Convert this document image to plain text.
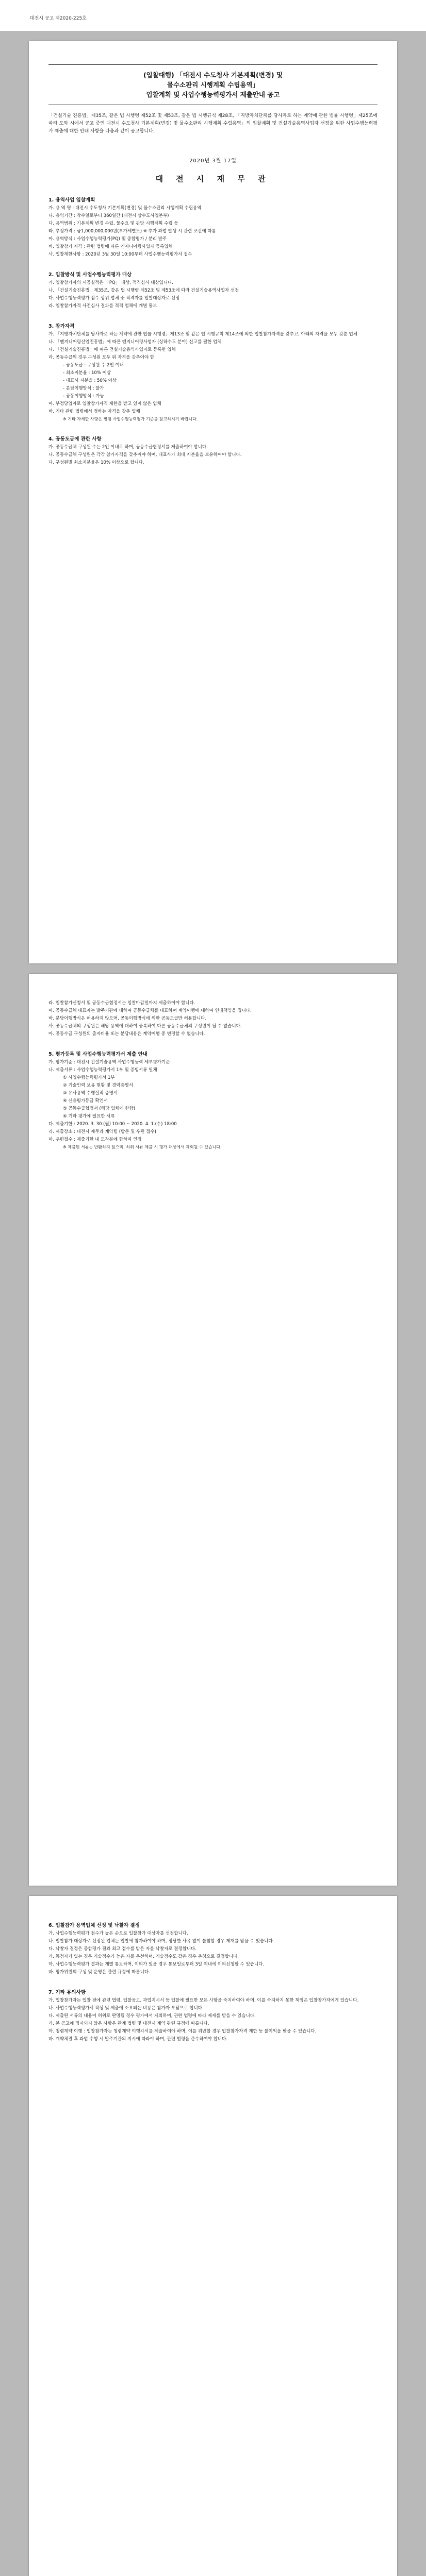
대전시 공고 제2020-225호
(입찰대행) 「대전시 수도청사 기본계획(변경) 및
물수소판리 시행계획 수립용역」
입찰계획 및 사업수행능력평가서 제출안내 공고
「건설기술 진흥법」제35조, 같은 법 시행령 제52조 및 제53조, 같은 법 시행규칙 제28조, 「지방자치단체를 당사자로 하는 계약에 관한 법률 시행령」제25조에 따라 도와 시에서 공고 중인 대전시 수도청사 기본계획(변경) 및 물수소판리 시행계획 수립용역」의 입찰계획 및 건설기술용역사업자 선정을 위한 사업수행능력평가 제출에 대한 안내 사항을 다음과 같이 공고합니다.
2020년 3월 17일
대 전 시 재 무 관
1. 용역사업 입찰계획
가. 용 역 명 : 대전시 수도청사 기본계획(변경) 및 물수소판리 시행계획 수립용역
나. 용역기간 : 착수일로부터 360일간 (대전시 상수도사업본부)
다. 용역범위 : 기본계획 변경 수립, 물수요 및 관망 시행계획 수립 등
라. 추정가격 : 금1,000,000,000원(부가세별도) ※ 추가 과업 발생 시 관련 조건에 따름
마. 용역방식 : 사업수행능력평가(PQ) 및 종합평가 / 분리 발주
바. 입찰참가 자격 : 관련 법령에 따른 엔지니어링사업자 등록업체
사. 입찰제한사항 : 2020년 3월 30일 10:00부터 사업수행능력평가서 접수
2. 입찰방식 및 사업수행능력평가 대상
가. 입찰참가자의 시공실적은 「PQ」 대상, 적격심사 대상입니다.
나. 「건설기술진흥법」제35조, 같은 법 시행령 제52조 및 제53조에 따라 건설기술용역사업자 선정
다. 사업수행능력평가 점수 상위 업체 중 적격자를 입찰대상자로 선정
라. 입찰참가자격 사전심사 결과를 적격 업체에 개별 통보
3. 참가자격
가. 「지방자치단체를 당사자로 하는 계약에 관한 법률 시행령」제13조 및 같은 법 시행규칙 제14조에 의한 입찰참가자격을 갖추고, 아래의 자격을 모두 갖춘 업체
나. 「엔지니어링산업진흥법」에 따른 엔지니어링사업자 (상하수도 분야) 신고를 필한 업체
다. 「건설기술진흥법」에 따른 건설기술용역사업자로 등록한 업체
라. 공동수급의 경우 구성원 모두 위 자격을 갖추어야 함
- 공동도급 : 구성원 수 2인 이내
- 최소지분율 : 10% 이상
- 대표사 지분율 : 50% 이상
- 분담이행방식 : 불가
- 공동이행방식 : 가능
마. 부정당업자로 입찰참가자격 제한을 받고 있지 않은 업체
바. 기타 관련 법령에서 정하는 자격을 갖춘 업체
※ 기타 자세한 사항은 별첨 사업수행능력평가 기준을 참고하시기 바랍니다.
4. 공동도급에 관한 사항
가. 공동수급체 구성원 수는 2인 이내로 하며, 공동수급협정서를 제출하여야 합니다.
나. 공동수급체 구성원은 각각 참가자격을 갖추어야 하며, 대표사가 최대 지분율을 보유하여야 합니다.
다. 구성원별 최소지분율은 10% 이상으로 합니다.
라. 입찰참가신청서 및 공동수급협정서는 입찰마감일까지 제출하여야 합니다.
마. 공동수급체 대표자는 발주기관에 대하여 공동수급체를 대표하며 계약이행에 대하여 연대책임을 집니다.
바. 분담이행방식은 허용하지 않으며, 공동이행방식에 의한 공동도급만 허용합니다.
사. 공동수급체의 구성원은 해당 용역에 대하여 중복하여 다른 공동수급체의 구성원이 될 수 없습니다.
아. 공동수급 구성원의 출자비율 또는 분담내용은 계약이행 중 변경할 수 없습니다.
5. 평가등록 및 사업수행능력평가서 제출 안내
가. 평가기준 : 대전시 건설기술용역 사업수행능력 세부평가기준
나. 제출서류 : 사업수행능력평가서 1부 및 증빙서류 일체
① 사업수행능력평가서 1부
② 기술인력 보유 현황 및 경력증명서
③ 유사용역 수행실적 증명서
④ 신용평가등급 확인서
⑤ 공동수급협정서 (해당 업체에 한함)
⑥ 기타 평가에 필요한 서류
다. 제출기한 : 2020. 3. 30.(월) 10:00 ~ 2020. 4. 1.(수) 18:00
라. 제출장소 : 대전시 재무과 계약팀 (방문 및 우편 접수)
마. 우편접수 : 제출기한 내 도착분에 한하여 인정
※ 제출된 서류는 반환하지 않으며, 허위 서류 제출 시 평가 대상에서 제외될 수 있습니다.
6. 입찰참가 용역업체 선정 및 낙찰자 결정
가. 사업수행능력평가 점수가 높은 순으로 입찰참가 대상자를 선정합니다.
나. 입찰참가 대상자로 선정된 업체는 입찰에 참가하여야 하며, 정당한 사유 없이 불참할 경우 제재를 받을 수 있습니다.
다. 낙찰자 결정은 종합평가 결과 최고 점수를 받은 자를 낙찰자로 결정합니다.
라. 동점자가 있는 경우 기술점수가 높은 자를 우선하며, 기술점수도 같은 경우 추첨으로 결정합니다.
마. 사업수행능력평가 결과는 개별 통보하며, 이의가 있을 경우 통보일로부터 3일 이내에 이의신청할 수 있습니다.
바. 평가위원회 구성 및 운영은 관련 규정에 따릅니다.
7. 기타 유의사항
가. 입찰참가자는 입찰 전에 관련 법령, 입찰공고, 과업지시서 등 입찰에 필요한 모든 사항을 숙지하여야 하며, 이를 숙지하지 못한 책임은 입찰참가자에게 있습니다.
나. 사업수행능력평가서 작성 및 제출에 소요되는 비용은 참가자 부담으로 합니다.
다. 제출된 서류의 내용이 허위로 판명될 경우 평가에서 제외하며, 관련 법령에 따라 제재를 받을 수 있습니다.
라. 본 공고에 명시되지 않은 사항은 관계 법령 및 대전시 계약 관련 규정에 따릅니다.
마. 청렴계약 이행 : 입찰참가자는 청렴계약 이행각서를 제출하여야 하며, 이를 위반할 경우 입찰참가자격 제한 등 불이익을 받을 수 있습니다.
바. 계약체결 후 과업 수행 시 발주기관의 지시에 따라야 하며, 관련 법령을 준수하여야 합니다.
